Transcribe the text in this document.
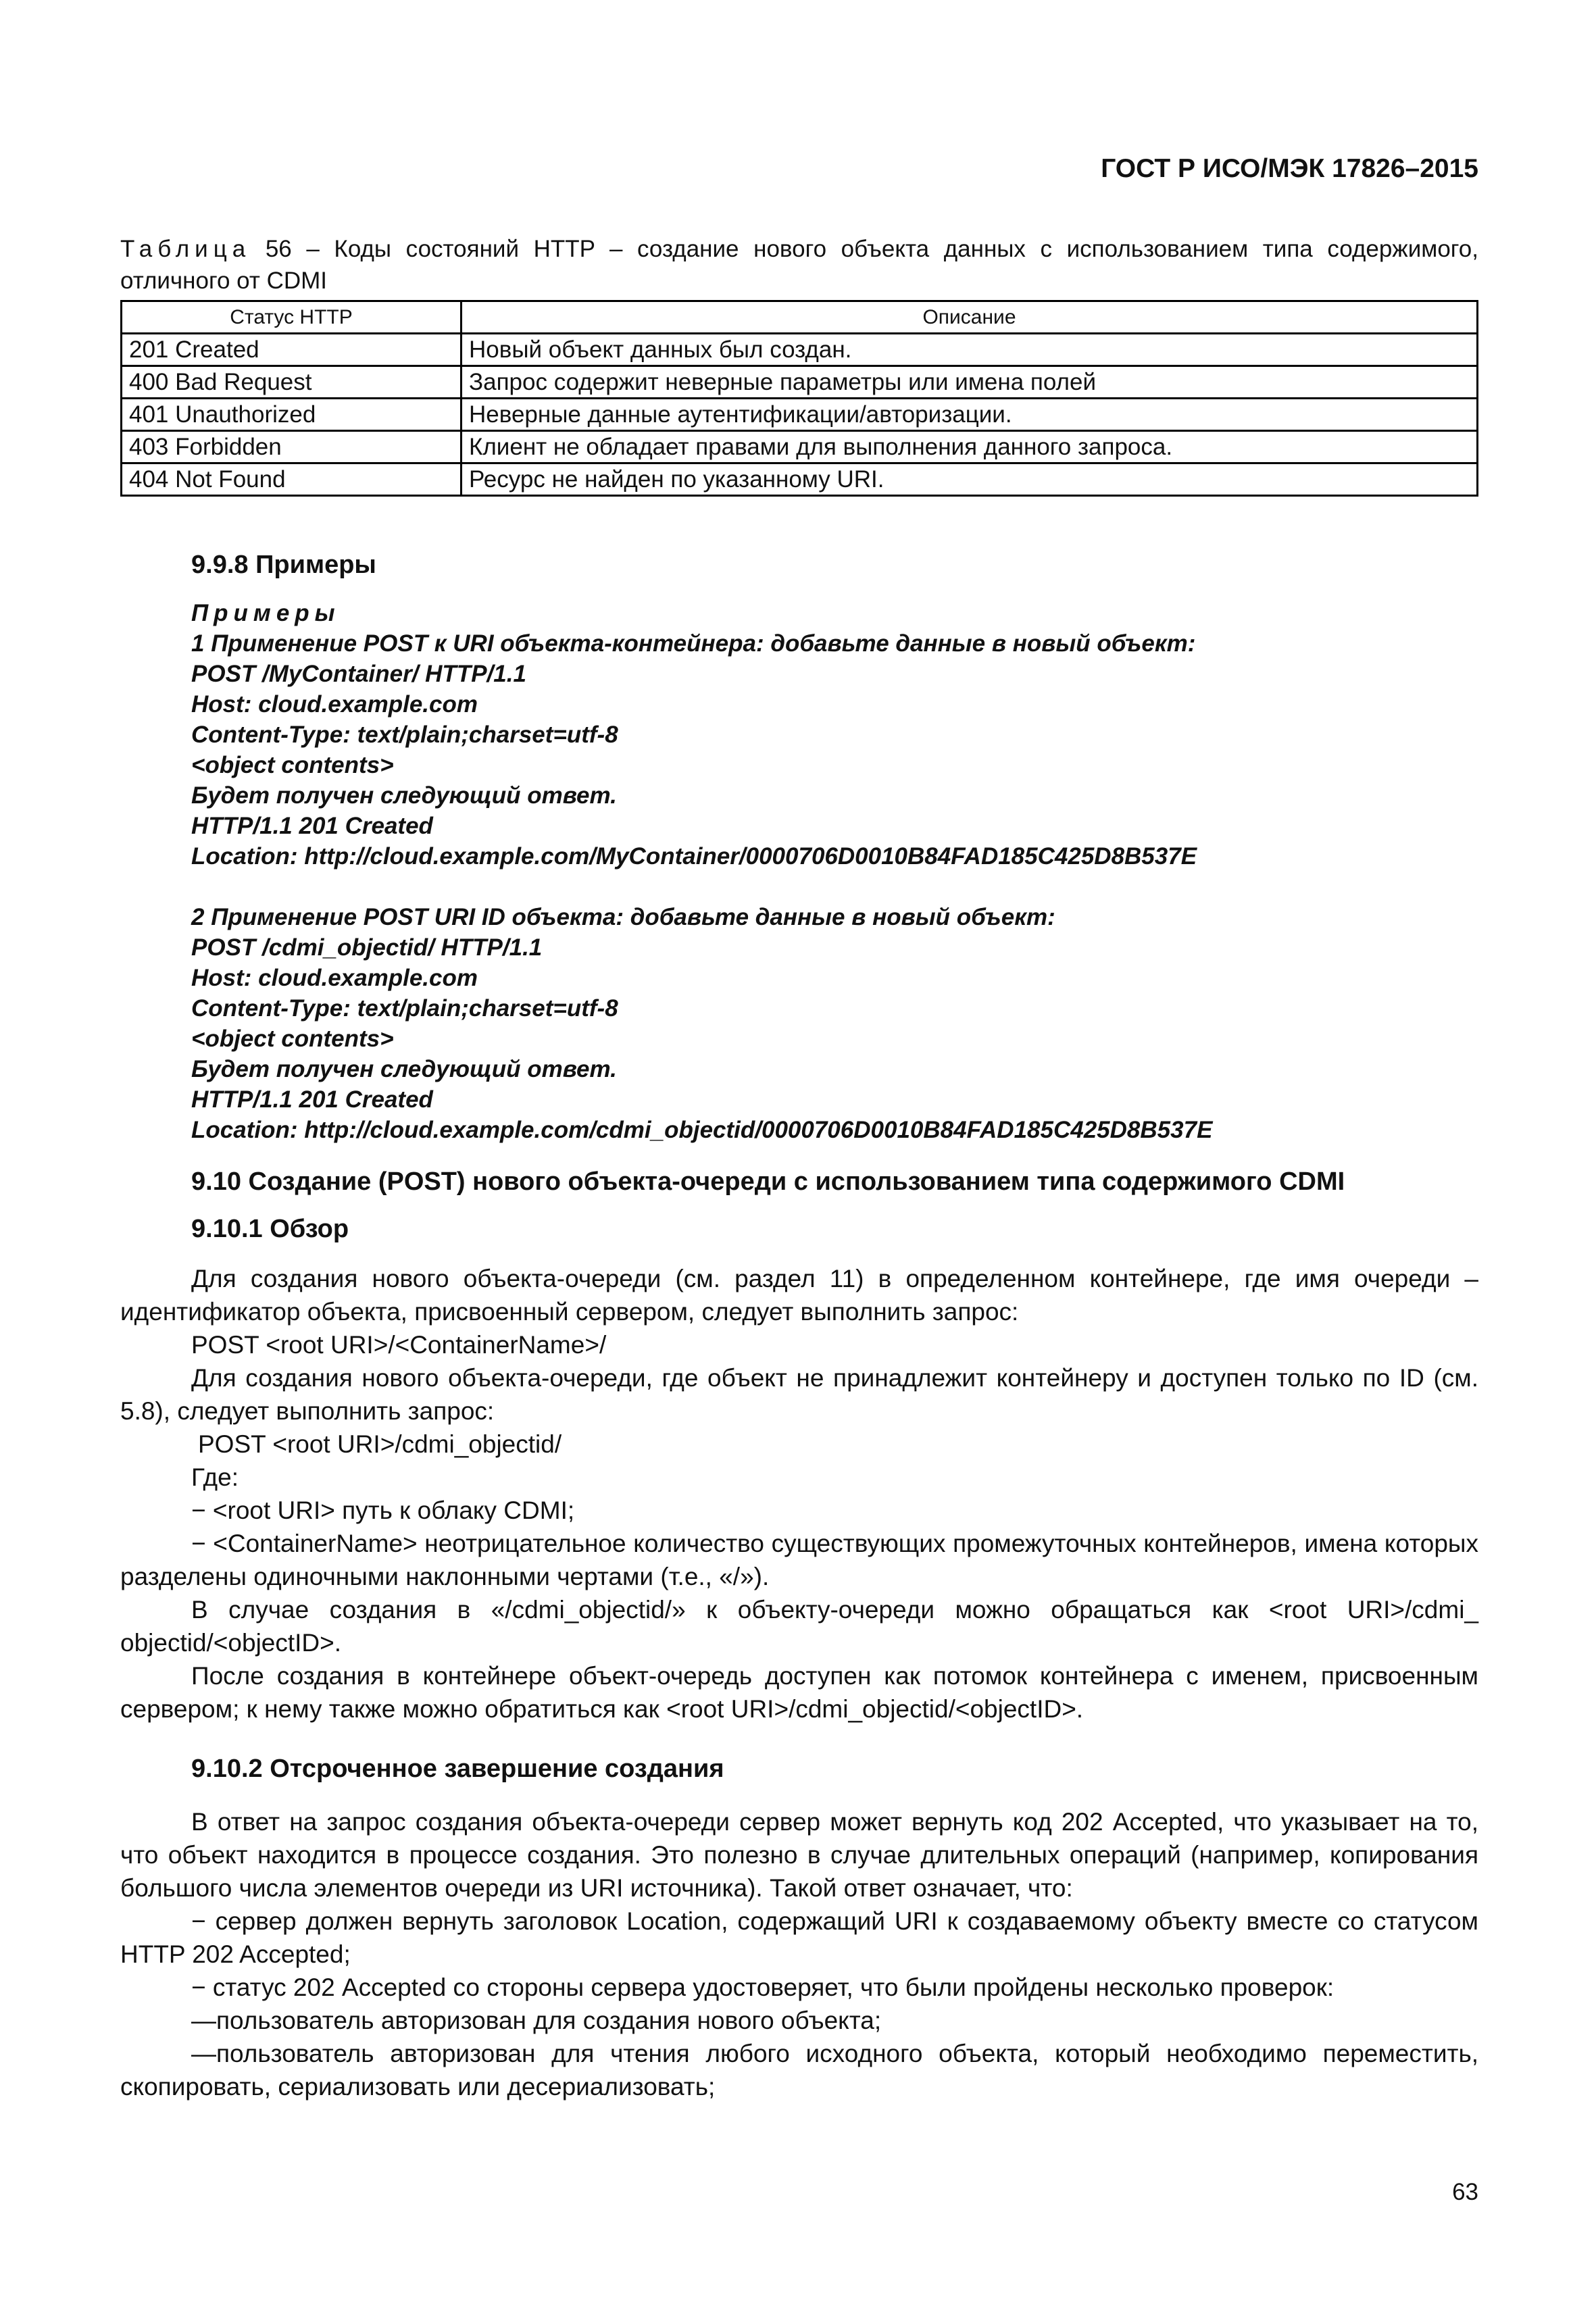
ГОСТ Р ИСО/МЭК 17826–2015
Таблица 56 – Коды состояний HTTP – создание нового объекта данных с использованием типа содержимого, отличного от CDMI
Статус HTTP	Описание
201 Created	Новый объект данных был создан.
400 Bad Request	Запрос содержит неверные параметры или имена полей
401 Unauthorized	Неверные данные аутентификации/авторизации.
403 Forbidden	Клиент не обладает правами для выполнения данного запроса.
404 Not Found	Ресурс не найден по указанному URI.
9.9.8 Примеры
Примеры
1 Применение POST к URI объекта-контейнера: добавьте данные в новый объект:
POST /MyContainer/ HTTP/1.1
Host: cloud.example.com
Content-Type: text/plain;charset=utf-8
<object contents>
Будет получен следующий ответ.
HTTP/1.1 201 Created
Location: http://cloud.example.com/MyContainer/0000706D0010B84FAD185C425D8B537E
2 Применение POST URI ID объекта: добавьте данные в новый объект:
POST /cdmi_objectid/ HTTP/1.1
Host: cloud.example.com
Content-Type: text/plain;charset=utf-8
<object contents>
Будет получен следующий ответ.
HTTP/1.1 201 Created
Location: http://cloud.example.com/cdmi_objectid/0000706D0010B84FAD185C425D8B537E
9.10 Создание (POST) нового объекта-очереди с использованием типа содержимого CDMI
9.10.1 Обзор
Для создания нового объекта-очереди (см. раздел 11) в определенном контейнере, где имя очереди – идентификатор объекта, присвоенный сервером, следует выполнить запрос:
POST <root URI>/<ContainerName>/
Для создания нового объекта-очереди, где объект не принадлежит контейнеру и доступен только по ID (см. 5.8), следует выполнить запрос:
POST <root URI>/cdmi_objectid/
Где:
− <root URI> путь к облаку CDMI;
− <ContainerName> неотрицательное количество существующих промежуточных контейнеров, имена которых разделены одиночными наклонными чертами (т.е., «/»).
В случае создания в «/cdmi_objectid/» к объекту-очереди можно обращаться как <root URI>/cdmi_ objectid/<objectID>.
После создания в контейнере объект-очередь доступен как потомок контейнера с именем, присвоенным сервером; к нему также можно обратиться как <root URI>/cdmi_objectid/<objectID>.
9.10.2 Отсроченное завершение создания
В ответ на запрос создания объекта-очереди сервер может вернуть код 202 Accepted, что указывает на то, что объект находится в процессе создания. Это полезно в случае длительных операций (например, копирования большого числа элементов очереди из URI источника). Такой ответ означает, что:
− сервер должен вернуть заголовок Location, содержащий URI к создаваемому объекту вместе со статусом HTTP 202 Accepted;
− статус 202 Accepted со стороны сервера удостоверяет, что были пройдены несколько проверок:
—пользователь авторизован для создания нового объекта;
—пользователь авторизован для чтения любого исходного объекта, который необходимо переместить, скопировать, сериализовать или десериализовать;
63
